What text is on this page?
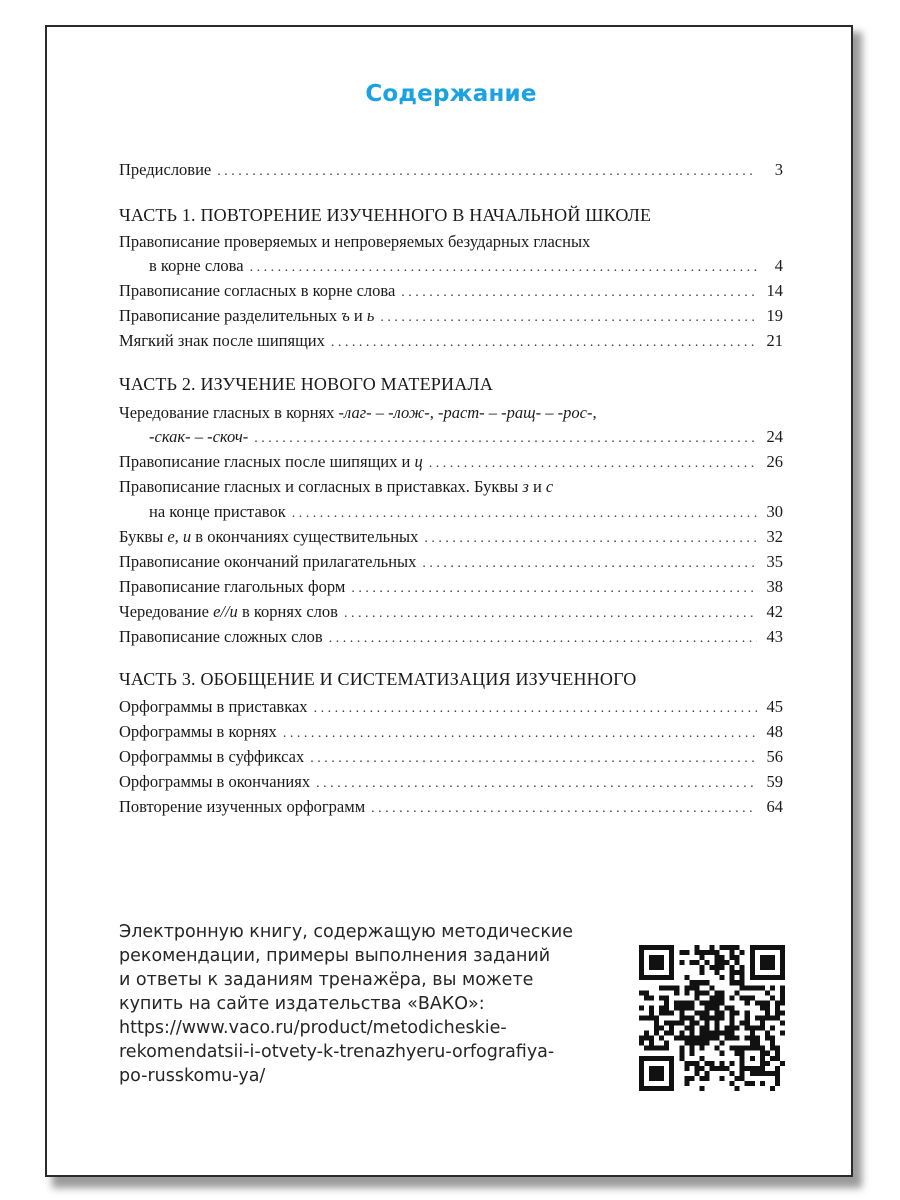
Содержание
Предисловие . . .	3
ЧАСТЬ 1. ПОВТОРЕНИЕ ИЗУЧЕННОГО В НАЧАЛЬНОЙ ШКОЛЕ
Правописание проверяемых и непроверяемых безударных гласных
в корне слова . . .	4
Правописание согласных в корне слова . . .	14
Правописание разделительных ъ и ь . . .	19
Мягкий знак после шипящих . . .	21
ЧАСТЬ 2. ИЗУЧЕНИЕ НОВОГО МАТЕРИАЛА
Чередование гласных в корнях -лаг- – -лож-, -раст- – -ращ- – -рос-,
-скак- – -скоч- . . .	24
Правописание гласных после шипящих и ц . . .	26
Правописание гласных и согласных в приставках. Буквы з и с
на конце приставок . . .	30
Буквы е, и в окончаниях существительных . . .	32
Правописание окончаний прилагательных . . .	35
Правописание глагольных форм . . .	38
Чередование е//и в корнях слов . . .	42
Правописание сложных слов . . .	43
ЧАСТЬ 3. ОБОБЩЕНИЕ И СИСТЕМАТИЗАЦИЯ ИЗУЧЕННОГО
Орфограммы в приставках . . .	45
Орфограммы в корнях . . .	48
Орфограммы в суффиксах . . .	56
Орфограммы в окончаниях . . .	59
Повторение изученных орфограмм . . .	64
Электронную книгу, содержащую методические
рекомендации, примеры выполнения заданий
и ответы к заданиям тренажёра, вы можете
купить на сайте издательства «ВАКО»:
https://www.vaco.ru/product/metodicheskie-
rekomendatsii-i-otvety-k-trenazhyeru-orfografiya-
po-russkomu-ya/
